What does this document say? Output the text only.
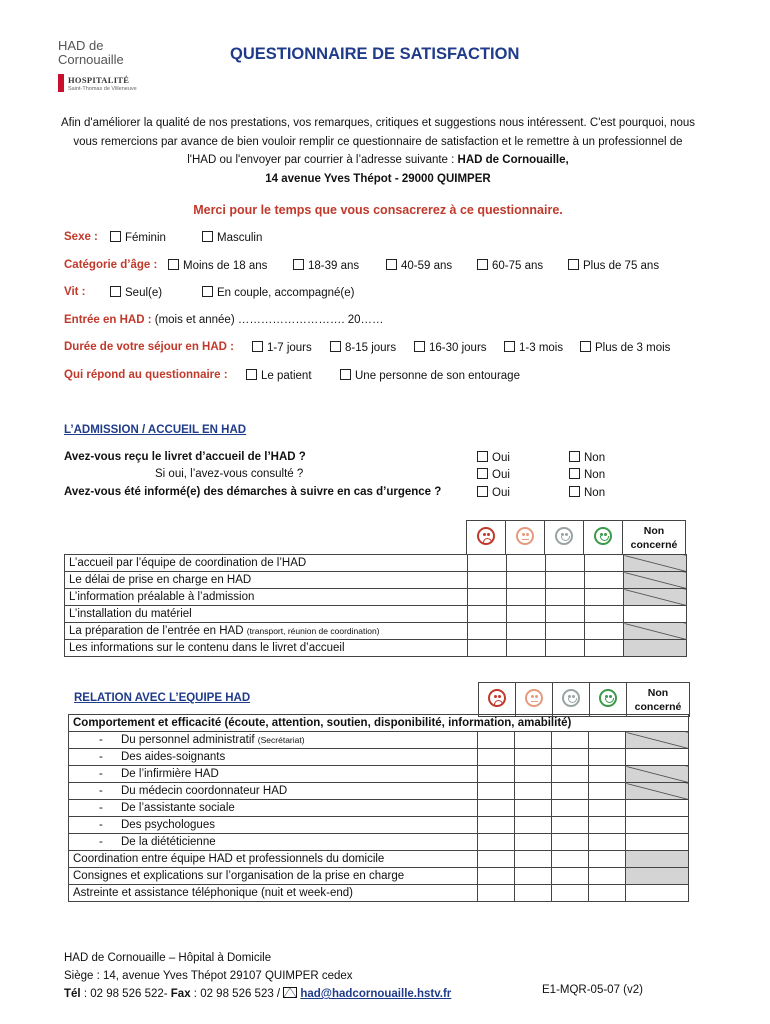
HAD de
Cornouaille
HOSPITALITÉ
Saint-Thomas de Villeneuve
QUESTIONNAIRE DE SATISFACTION
Afin d'améliorer la qualité de nos prestations, vos remarques, critiques et suggestions nous intéressent. C'est pourquoi, nous vous remercions par avance de bien vouloir remplir ce questionnaire de satisfaction et le remettre à un professionnel de l'HAD ou l'envoyer par courrier à l’adresse suivante : HAD de Cornouaille,
14 avenue Yves Thépot - 29000 QUIMPER
Merci pour le temps que vous consacrerez à ce questionnaire.
Sexe :	Féminin	Masculin
Catégorie d’âge :	Moins de 18 ans	18-39 ans	40-59 ans	60-75 ans	Plus de 75 ans
Vit :	Seul(e)	En couple, accompagné(e)
Entrée en HAD : (mois et année) ………………………. 20……
Durée de votre séjour en HAD :	1-7 jours	8-15 jours	16-30 jours	1-3 mois	Plus de 3 mois
Qui répond au questionnaire :	Le patient	Une personne de son entourage
L’ADMISSION / ACCUEIL EN HAD
Avez-vous reçu le livret d’accueil de l’HAD ?
Si oui, l’avez-vous consulté ?
Avez-vous été informé(e) des démarches à suivre en cas d’urgence ?
Oui	Non
Oui	Non
Oui	Non

	Non
concerné
L’accueil par l’équipe de coordination de l’HAD					
Le délai de prise en charge en HAD					
L’information préalable à l’admission					
L’installation du matériel					
La préparation de l’entrée en HAD (transport, réunion de coordination)					
Les informations sur le contenu dans le livret d’accueil					
RELATION AVEC L’EQUIPE HAD

		Non
concerné
Comportement et efficacité (écoute, attention, soutien, disponibilité, information, amabilité)					
- Du personnel administratif (Secrétariat)					
- Des aides-soignants					
- De l’infirmière HAD					
- Du médecin coordonnateur HAD					
- De l’assistante sociale					
- Des psychologues					
- De la diététicienne					
Coordination entre équipe HAD et professionnels du domicile					
Consignes et explications sur l’organisation de la prise en charge					
Astreinte et assistance téléphonique (nuit et week-end)					
HAD de Cornouaille – Hôpital à Domicile
Siège : 14, avenue Yves Thépot 29107 QUIMPER cedex
Tél : 02 98 526 522- Fax : 02 98 526 523 / had@hadcornouaille.hstv.fr	E1-MQR-05-07 (v2)
